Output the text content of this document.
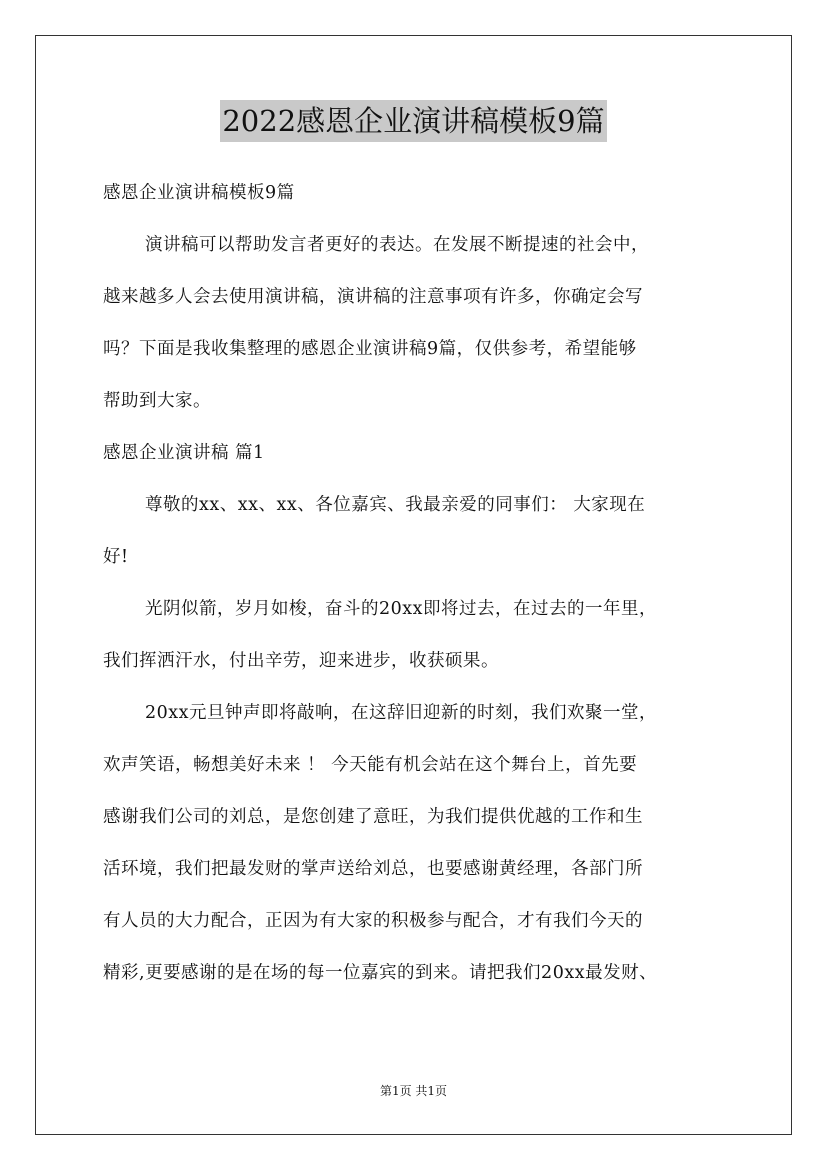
2022感恩企业演讲稿模板9篇
感恩企业演讲稿模板9篇
演讲稿可以帮助发言者更好的表达。在发展不断提速的社会中，
越来越多人会去使用演讲稿，演讲稿的注意事项有许多，你确定会写
吗？下面是我收集整理的感恩企业演讲稿9篇，仅供参考，希望能够
帮助到大家。
感恩企业演讲稿 篇1
尊敬的xx、xx、xx、各位嘉宾、我最亲爱的同事们： 大家现在
好!
光阴似箭，岁月如梭，奋斗的20xx即将过去，在过去的一年里，
我们挥洒汗水，付出辛劳，迎来进步，收获硕果。
20xx元旦钟声即将敲响，在这辞旧迎新的时刻，我们欢聚一堂，
欢声笑语，畅想美好未来 ！ 今天能有机会站在这个舞台上，首先要
感谢我们公司的刘总，是您创建了意旺，为我们提供优越的工作和生
活环境，我们把最发财的掌声送给刘总，也要感谢黄经理，各部门所
有人员的大力配合，正因为有大家的积极参与配合，才有我们今天的
精彩,更要感谢的是在场的每一位嘉宾的到来。请把我们20xx最发财、
第1页 共1页
